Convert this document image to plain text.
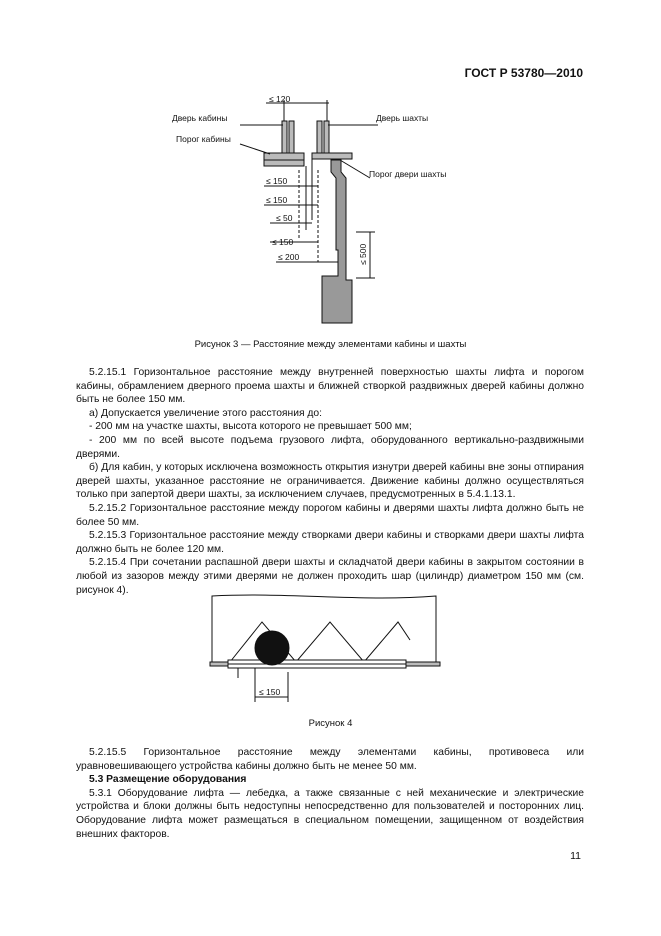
ГОСТ Р 53780—2010
≤ 120
Дверь кабины
Порог кабины
Дверь шахты
Порог двери шахты
≤ 150
≤ 150
≤ 50
≤ 150
≤ 200	≤ 500
Рисунок 3 — Расстояние между элементами кабины и шахты

5.2.15.1 Горизонтальное расстояние между внутренней поверхностью шахты лифта и порогом кабины, обрамлением дверного проема шахты и ближней створкой раздвижных дверей кабины должно быть не более 150 мм.

а) Допускается увеличение этого расстояния до:

- 200 мм на участке шахты, высота которого не превышает 500 мм;

- 200 мм по всей высоте подъема грузового лифта, оборудованного вертикально-раздвижными дверями.

б) Для кабин, у которых исключена возможность открытия изнутри дверей кабины вне зоны отпирания дверей шахты, указанное расстояние не ограничивается. Движение кабины должно осуществляться только при запертой двери шахты, за исключением случаев, предусмотренных в 5.4.1.13.1.

5.2.15.2 Горизонтальное расстояние между порогом кабины и дверями шахты лифта должно быть не более 50 мм.

5.2.15.3 Горизонтальное расстояние между створками двери кабины и створками двери шахты лифта должно быть не более 120 мм.

5.2.15.4 При сочетании распашной двери шахты и складчатой двери кабины в закрытом состоянии в любой из зазоров между этими дверями не должен проходить шар (цилиндр) диаметром 150 мм (см. рисунок 4).

≤ 150
Рисунок 4

5.2.15.5 Горизонтальное расстояние между элементами кабины, противовеса или уравновешивающего устройства кабины должно быть не менее 50 мм.

5.3 Размещение оборудования

5.3.1 Оборудование лифта — лебедка, а также связанные с ней механические и электрические устройства и блоки должны быть недоступны непосредственно для пользователей и посторонних лиц. Оборудование лифта может размещаться в специальном помещении, защищенном от воздействия внешних факторов.

11
